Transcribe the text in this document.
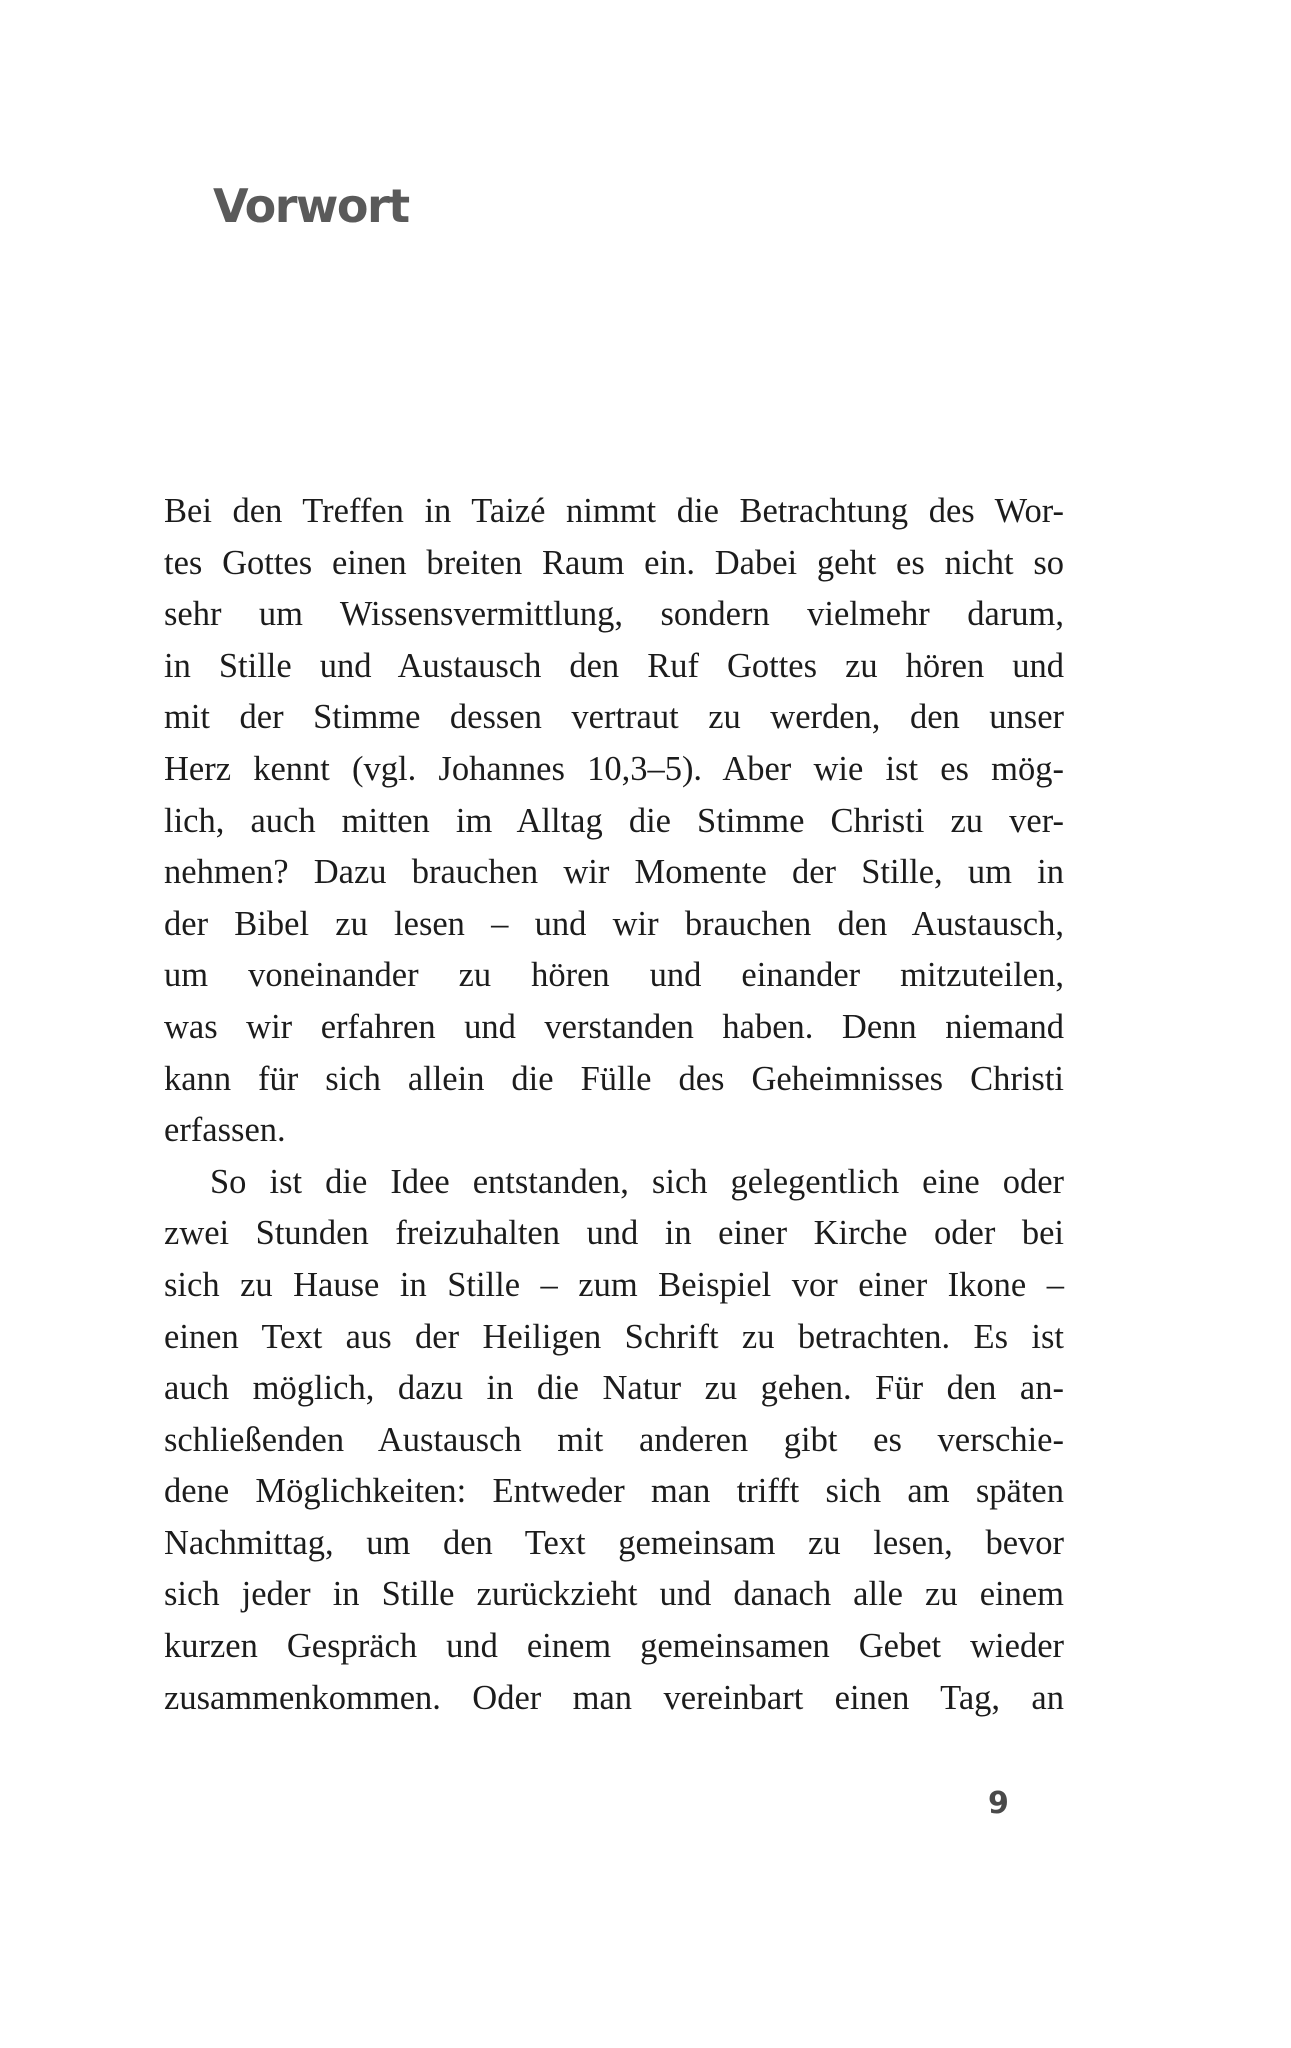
Vorwort
Bei den Treffen in Taizé nimmt die Betrachtung des Wor-
tes Gottes einen breiten Raum ein. Dabei geht es nicht so
sehr um Wissensvermittlung, sondern vielmehr darum,
in Stille und Austausch den Ruf Gottes zu hören und
mit der Stimme dessen vertraut zu werden, den unser
Herz kennt (vgl. Johannes 10,3–5). Aber wie ist es mög-
lich, auch mitten im Alltag die Stimme Christi zu ver-
nehmen? Dazu brauchen wir Momente der Stille, um in
der Bibel zu lesen – und wir brauchen den Austausch,
um voneinander zu hören und einander mitzuteilen,
was wir erfahren und verstanden haben. Denn niemand
kann für sich allein die Fülle des Geheimnisses Christi
erfassen.
So ist die Idee entstanden, sich gelegentlich eine oder
zwei Stunden freizuhalten und in einer Kirche oder bei
sich zu Hause in Stille – zum Beispiel vor einer Ikone –
einen Text aus der Heiligen Schrift zu betrachten. Es ist
auch möglich, dazu in die Natur zu gehen. Für den an-
schließenden Austausch mit anderen gibt es verschie-
dene Möglichkeiten: Entweder man trifft sich am späten
Nachmittag, um den Text gemeinsam zu lesen, bevor
sich jeder in Stille zurückzieht und danach alle zu einem
kurzen Gespräch und einem gemeinsamen Gebet wieder
zusammenkommen. Oder man vereinbart einen Tag, an
9
